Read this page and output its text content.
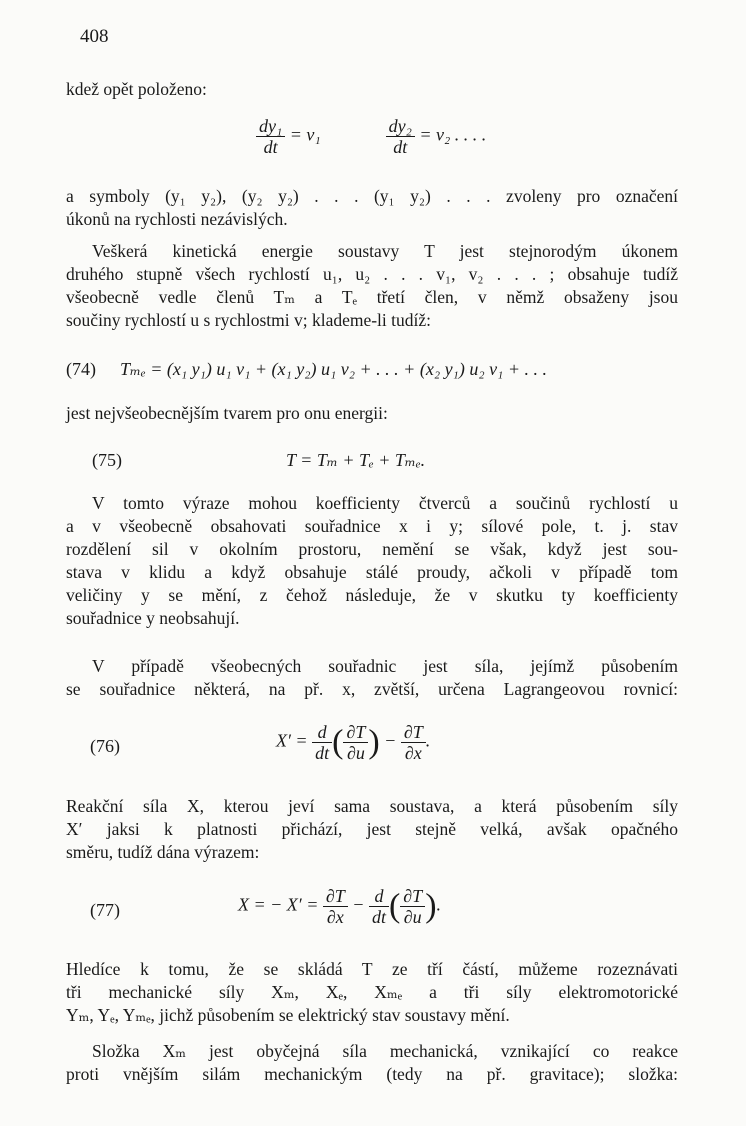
408
kdež opět položeno:
$\frac{\text{dy₁}}{dt} = v_1$	$\frac{\text{dy₂}}{dt} = v_2$ . . . .
a symboly (y₁ y₂), (y₂ y₂) . . . (y₁ y₂) . . . zvoleny pro označení
úkonů na rychlosti nezávislých.
Veškerá kinetická energie soustavy T jest stejnorodým úkonem
druhého stupně všech rychlostí u₁, u₂ . . . v₁, v₂ . . . ; obsahuje tudíž
všeobecně vedle členů Tₘ a Tₑ třetí člen, v němž obsaženy jsou
součiny rychlostí u s rychlostmi v; klademe-li tudíž:
(74) Tₘₑ = (x₁ y₁) u₁ v₁ + (x₁ y₂) u₁ v₂ + . . . + (x₂ y₁) u₂ v₁ + . . .
jest nejvšeobecnějším tvarem pro onu energii:
(75)	T = Tₘ + Tₑ + Tₘₑ.
V tomto výraze mohou koefficienty čtverců a součinů rychlostí u
a v všeobecně obsahovati souřadnice x i y; sílové pole, t. j. stav
rozdělení sil v okolním prostoru, nemění se však, když jest sou-
stava v klidu a když obsahuje stálé proudy, ačkoli v případě tom
veličiny y se mění, z čehož následuje, že v skutku ty koefficienty
souřadnice y neobsahují.
V případě všeobecných souřadnic jest síla, jejímž působením
se souřadnice některá, na př. x, zvětší, určena Lagrangeovou rovnicí:
(76)	$X' = \frac{d}{dt}$ ( $\frac{\partial T}{\partial u}$ ) − $\frac{\partial T}{\partial x}$ .
Reakční síla X, kterou jeví sama soustava, a která působením síly
X′ jaksi k platnosti přichází, jest stejně velká, avšak opačného
směru, tudíž dána výrazem:
(77)	X = − $X' = \frac{\partial T}{\partial x} - \frac{d}{dt}$ ( $\frac{\partial T}{\partial u}$ ).
Hledíce k tomu, že se skládá T ze tří částí, můžeme rozeznávati
tři mechanické síly Xₘ, Xₑ, Xₘₑ a tři síly elektromotorické
Yₘ, Yₑ, Yₘₑ, jichž působením se elektrický stav soustavy mění.
Složka Xₘ jest obyčejná síla mechanická, vznikající co reakce
proti vnějším silám mechanickým (tedy na př. gravitace); složka:
